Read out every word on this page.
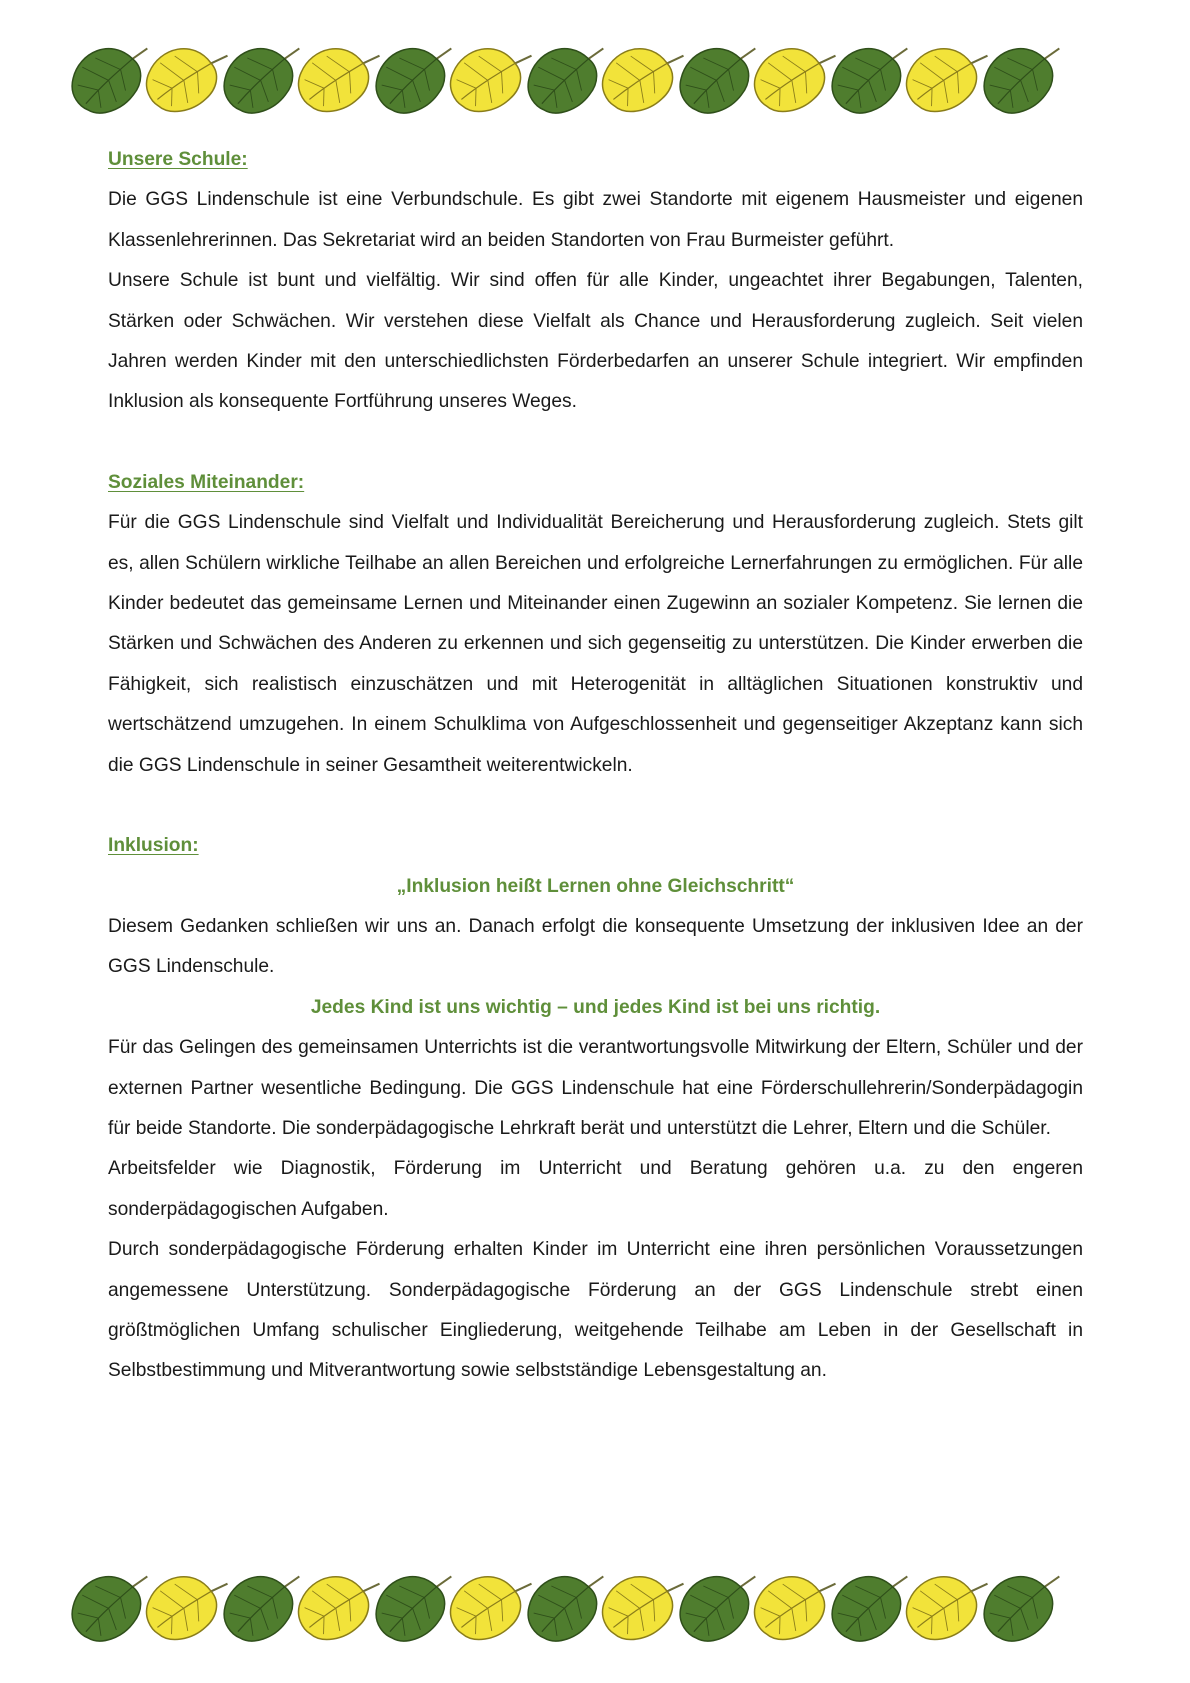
Unsere Schule:

Die GGS Lindenschule ist eine Verbundschule. Es gibt zwei Standorte mit eigenem Hausmeister und eigenen Klassenlehrerinnen. Das Sekretariat wird an beiden Standorten von Frau Burmeister geführt.

Unsere Schule ist bunt und vielfältig. Wir sind offen für alle Kinder, ungeachtet ihrer Begabungen, Talenten, Stärken oder Schwächen. Wir verstehen diese Vielfalt als Chance und Herausforderung zugleich. Seit vielen Jahren werden Kinder mit den unterschiedlichsten Förderbedarfen an unserer Schule integriert. Wir empfinden Inklusion als konsequente Fortführung unseres Weges.

Soziales Miteinander:

Für die GGS Lindenschule sind Vielfalt und Individualität Bereicherung und Herausforderung zugleich. Stets gilt es, allen Schülern wirkliche Teilhabe an allen Bereichen und erfolgreiche Lernerfahrungen zu ermöglichen. Für alle Kinder bedeutet das gemeinsame Lernen und Miteinander einen Zugewinn an sozialer Kompetenz. Sie lernen die Stärken und Schwächen des Anderen zu erkennen und sich gegenseitig zu unterstützen. Die Kinder erwerben die Fähigkeit, sich realistisch einzuschätzen und mit Heterogenität in alltäglichen Situationen konstruktiv und wertschätzend umzugehen. In einem Schulklima von Aufgeschlossenheit und gegenseitiger Akzeptanz kann sich die GGS Lindenschule in seiner Gesamtheit weiterentwickeln.

Inklusion:
„Inklusion heißt Lernen ohne Gleichschritt“

Diesem Gedanken schließen wir uns an. Danach erfolgt die konsequente Umsetzung der inklusiven Idee an der GGS Lindenschule.

Jedes Kind ist uns wichtig – und jedes Kind ist bei uns richtig.

Für das Gelingen des gemeinsamen Unterrichts ist die verantwortungsvolle Mitwirkung der Eltern, Schüler und der externen Partner wesentliche Bedingung. Die GGS Lindenschule hat eine Förderschullehrerin/Sonderpädagogin für beide Standorte. Die sonderpädagogische Lehrkraft berät und unterstützt die Lehrer, Eltern und die Schüler.

Arbeitsfelder wie Diagnostik, Förderung im Unterricht und Beratung gehören u.a. zu den engeren sonderpädagogischen Aufgaben.

Durch sonderpädagogische Förderung erhalten Kinder im Unterricht eine ihren persönlichen Voraussetzungen angemessene Unterstützung. Sonderpädagogische Förderung an der GGS Lindenschule strebt einen größtmöglichen Umfang schulischer Eingliederung, weitgehende Teilhabe am Leben in der Gesellschaft in Selbstbestimmung und Mitverantwortung sowie selbstständige Lebensgestaltung an.
